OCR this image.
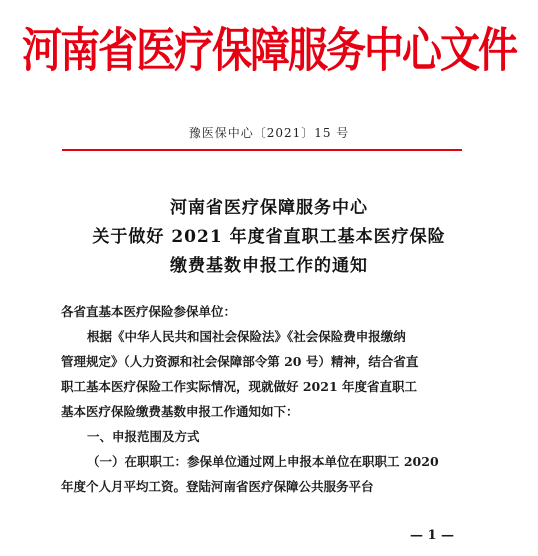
河南省医疗保障服务中心文件
豫医保中心〔2021〕15 号
河南省医疗保障服务中心
关于做好 2021 年度省直职工基本医疗保险
缴费基数申报工作的通知
各省直基本医疗保险参保单位：
根据《中华人民共和国社会保险法》《社会保险费申报缴纳
管理规定》（人力资源和社会保障部令第 20 号）精神，结合省直
职工基本医疗保险工作实际情况，现就做好 2021 年度省直职工
基本医疗保险缴费基数申报工作通知如下：
一、申报范围及方式
（一）在职职工：参保单位通过网上申报本单位在职职工 2020
年度个人月平均工资。登陆河南省医疗保障公共服务平台
— 1 —
